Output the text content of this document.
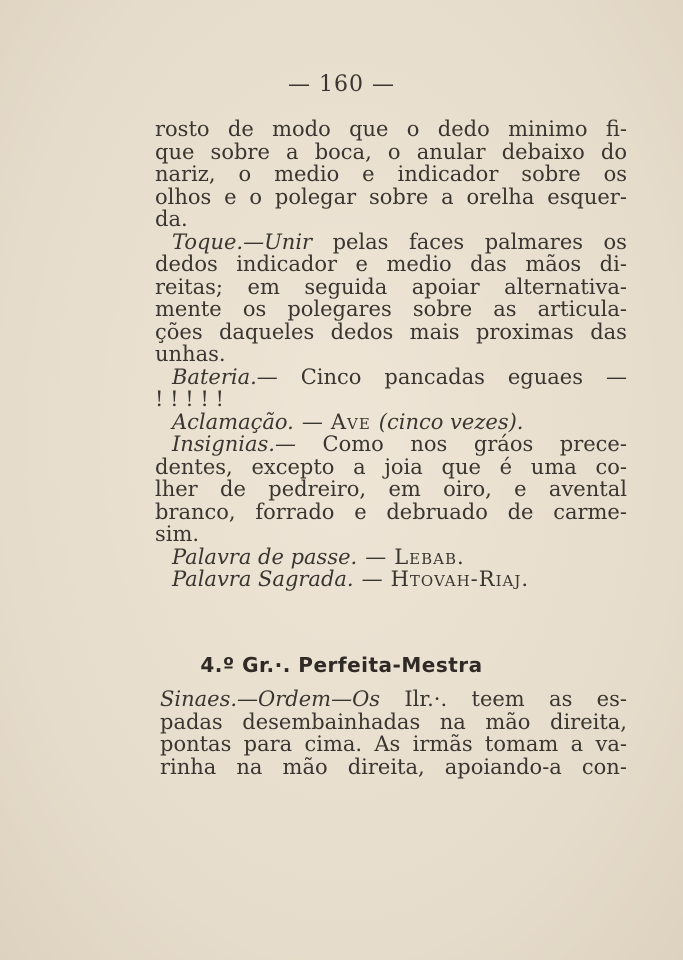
— 160 —
rosto de modo que o dedo minimo fi-
que sobre a boca, o anular debaixo do
nariz, o medio e indicador sobre os
olhos e o polegar sobre a orelha esquer-
da.
Toque.—Unir pelas faces palmares os
dedos indicador e medio das mãos di-
reitas; em seguida apoiar alternativa-
mente os polegares sobre as articula-
ções daqueles dedos mais proximas das
unhas.
Bateria.— Cinco pancadas eguaes —
! ! ! ! !
Aclamação. — Ave (cinco vezes).
Insignias.— Como nos gráos prece-
dentes, excepto a joia que é uma co-
lher de pedreiro, em oiro, e avental
branco, forrado e debruado de carme-
sim.
Palavra de passe. — Lebab.
Palavra Sagrada. — Htovah-Riaj.
4.º Gr.·. Perfeita-Mestra
Sinaes.—Ordem—Os Ilr.·. teem as es-
padas desembainhadas na mão direita,
pontas para cima. As irmãs tomam a va-
rinha na mão direita, apoiando-a con-
